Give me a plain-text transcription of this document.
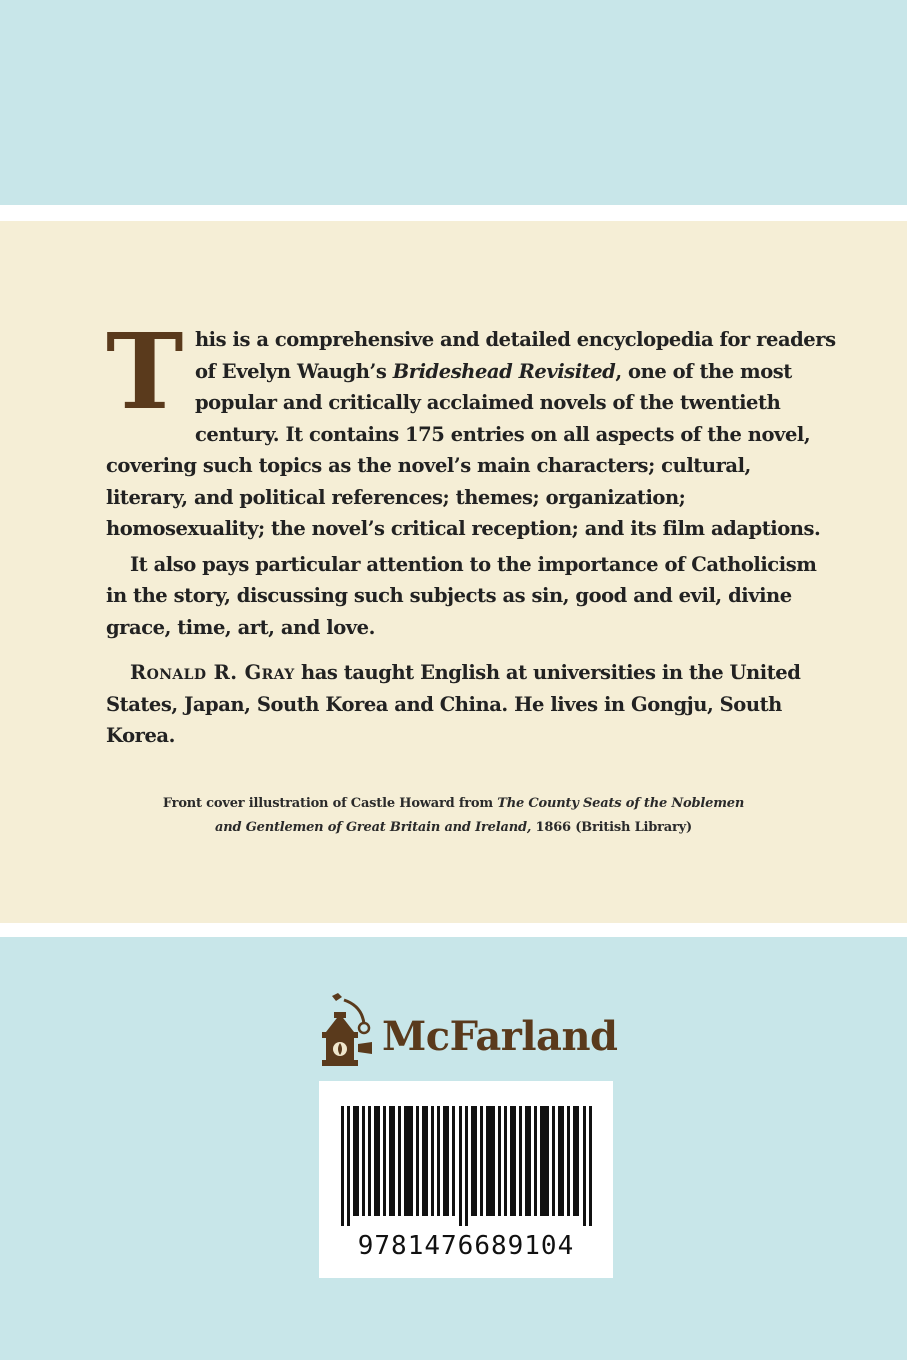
This is a comprehensive and detailed encyclopedia for readers of Evelyn Waugh’s Brideshead Revisited, one of the most popular and critically acclaimed novels of the twentieth century. It contains 175 entries on all aspects of the novel, covering such topics as the novel’s main characters; cultural, literary, and political references; themes; organization; homosexuality; the novel’s critical reception; and its film adaptions.

It also pays particular attention to the importance of Catholicism in the story, discussing such subjects as sin, good and evil, divine grace, time, art, and love.

Ronald R. Gray has taught English at universities in the United States, Japan, South Korea and China. He lives in Gongju, South Korea.

Front cover illustration of Castle Howard from The County Seats of the Noblemen
and Gentlemen of Great Britain and Ireland, 1866 (British Library)
McFarland
9781476689104
